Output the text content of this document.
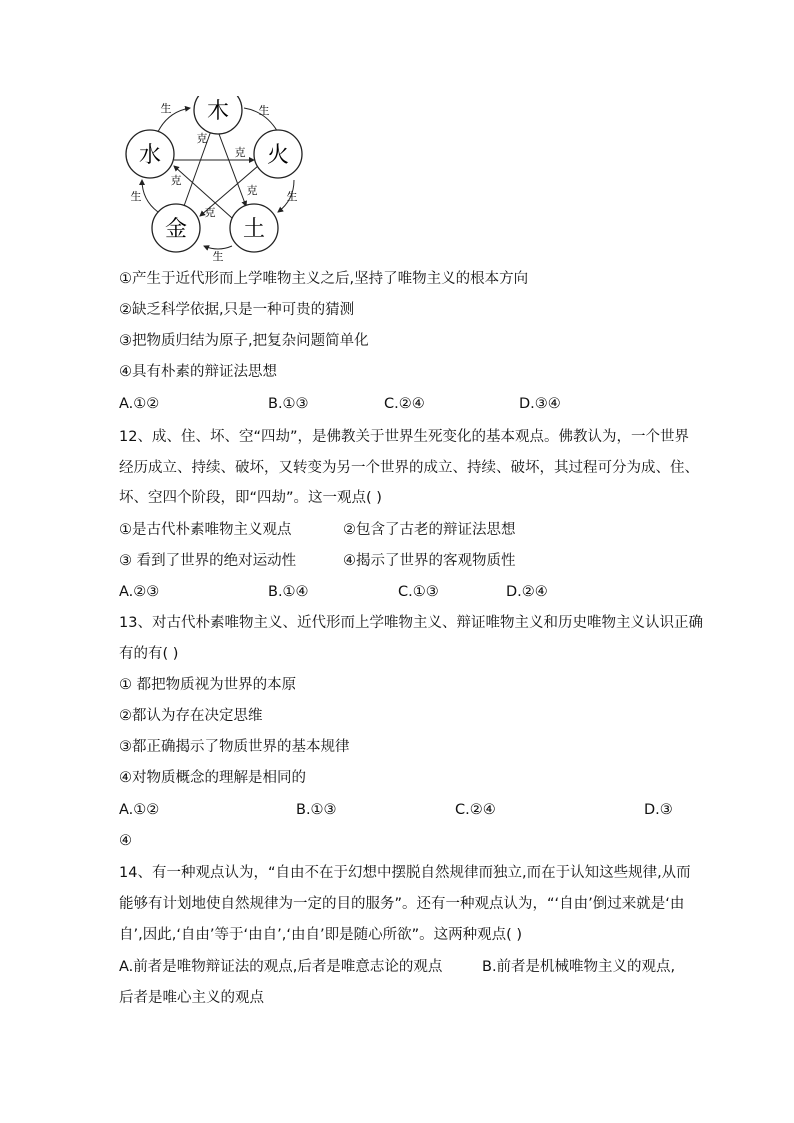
木
水	火
金	土
生	生
生
生
生
克
克
克
克
克
①产生于近代形而上学唯物主义之后,坚持了唯物主义的根本方向
②缺乏科学依据,只是一种可贵的猜测
③把物质归结为原子,把复杂问题简单化
④具有朴素的辩证法思想
A.①②	B.①③	C.②④	D.③④
12、成、住、坏、空“四劫”，是佛教关于世界生死变化的基本观点。佛教认为，一个世界
经历成立、持续、破坏，又转变为另一个世界的成立、持续、破坏，其过程可分为成、住、
坏、空四个阶段，即“四劫”。这一观点( )
①是古代朴素唯物主义观点	②包含了古老的辩证法思想
③ 看到了世界的绝对运动性	④揭示了世界的客观物质性
A.②③	B.①④	C.①③	D.②④
13、对古代朴素唯物主义、近代形而上学唯物主义、辩证唯物主义和历史唯物主义认识正确
有的有( )
① 都把物质视为世界的本原
②都认为存在决定思维
③都正确揭示了物质世界的基本规律
④对物质概念的理解是相同的
A.①②	B.①③	C.②④	D.③
④
14、有一种观点认为，“自由不在于幻想中摆脱自然规律而独立,而在于认知这些规律,从而
能够有计划地使自然规律为一定的目的服务”。还有一种观点认为，“‘自由’倒过来就是‘由
自’,因此,‘自由’等于‘由自’,‘由自’即是随心所欲”。这两种观点( )
A.前者是唯物辩证法的观点,后者是唯意志论的观点	B.前者是机械唯物主义的观点,
后者是唯心主义的观点
